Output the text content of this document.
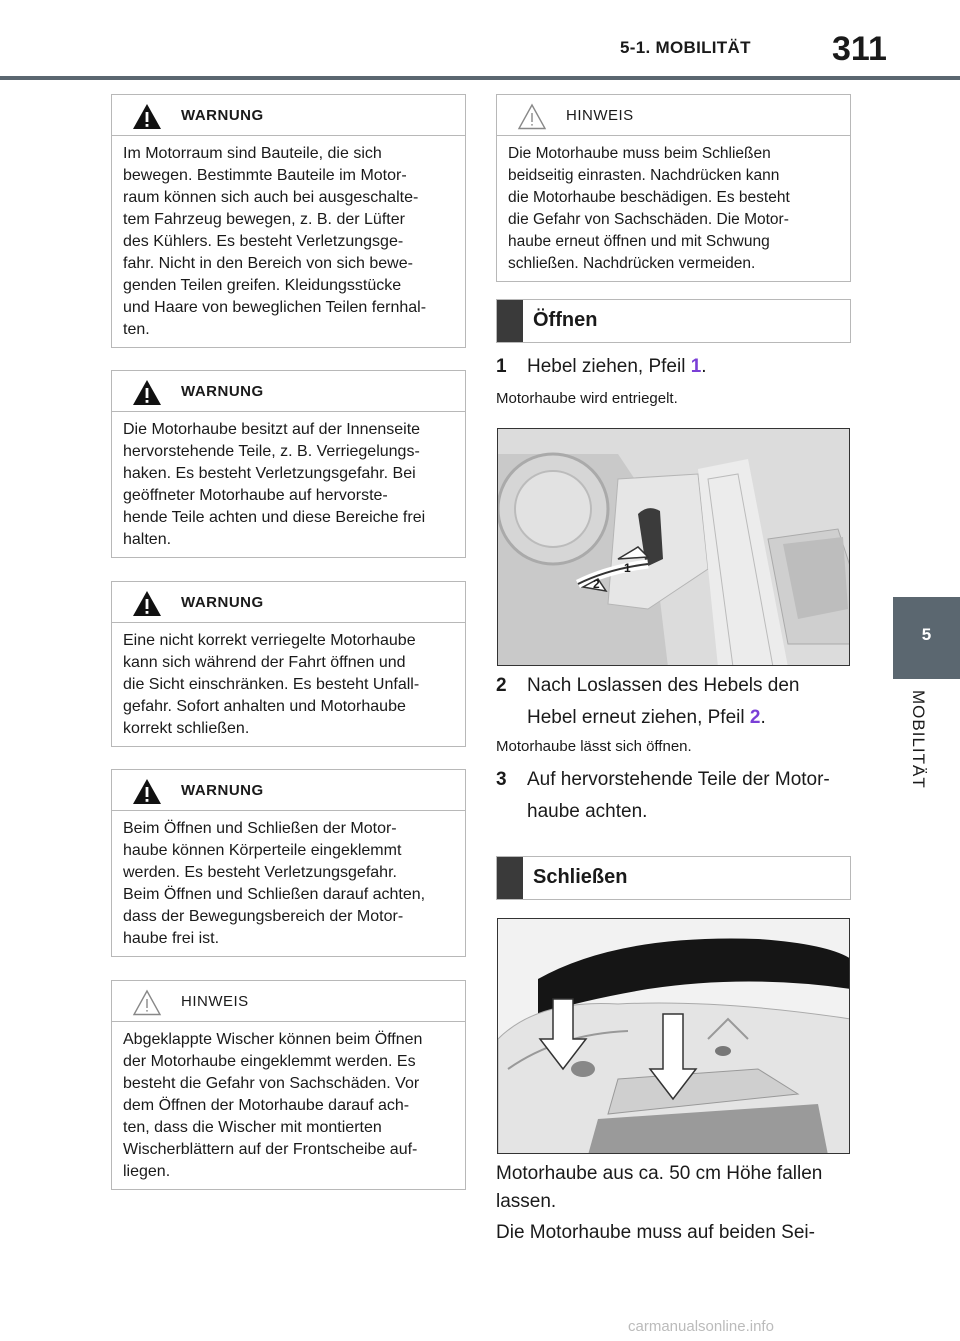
5-1. MOBILITÄT 311
5
MOBILITÄT
WARNUNG
Im Motorraum sind Bauteile, die sich
bewegen. Bestimmte Bauteile im Motor-
raum können sich auch bei ausgeschalte-
tem Fahrzeug bewegen, z. B. der Lüfter
des Kühlers. Es besteht Verletzungsge-
fahr. Nicht in den Bereich von sich bewe-
genden Teilen greifen. Kleidungsstücke
und Haare von beweglichen Teilen fernhal-
ten.
WARNUNG
Die Motorhaube besitzt auf der Innenseite
hervorstehende Teile, z. B. Verriegelungs-
haken. Es besteht Verletzungsgefahr. Bei
geöffneter Motorhaube auf hervorste-
hende Teile achten und diese Bereiche frei
halten.
WARNUNG
Eine nicht korrekt verriegelte Motorhaube
kann sich während der Fahrt öffnen und
die Sicht einschränken. Es besteht Unfall-
gefahr. Sofort anhalten und Motorhaube
korrekt schließen.
WARNUNG
Beim Öffnen und Schließen der Motor-
haube können Körperteile eingeklemmt
werden. Es besteht Verletzungsgefahr.
Beim Öffnen und Schließen darauf achten,
dass der Bewegungsbereich der Motor-
haube frei ist.
HINWEIS
Abgeklappte Wischer können beim Öffnen
der Motorhaube eingeklemmt werden. Es
besteht die Gefahr von Sachschäden. Vor
dem Öffnen der Motorhaube darauf ach-
ten, dass die Wischer mit montierten
Wischerblättern auf der Frontscheibe auf-
liegen.
HINWEIS
Die Motorhaube muss beim Schließen
beidseitig einrasten. Nachdrücken kann
die Motorhaube beschädigen. Es besteht
die Gefahr von Sachschäden. Die Motor-
haube erneut öffnen und mit Schwung
schließen. Nachdrücken vermeiden.
Öffnen
1 Hebel ziehen, Pfeil 1.
Motorhaube wird entriegelt.
1
2
2 Nach Loslassen des Hebels den
Hebel erneut ziehen, Pfeil 2.
Motorhaube lässt sich öffnen.
3 Auf hervorstehende Teile der Motor-
haube achten.
Schließen
Motorhaube aus ca. 50 cm Höhe fallen
lassen.
Die Motorhaube muss auf beiden Sei-
carmanualsonline.info
